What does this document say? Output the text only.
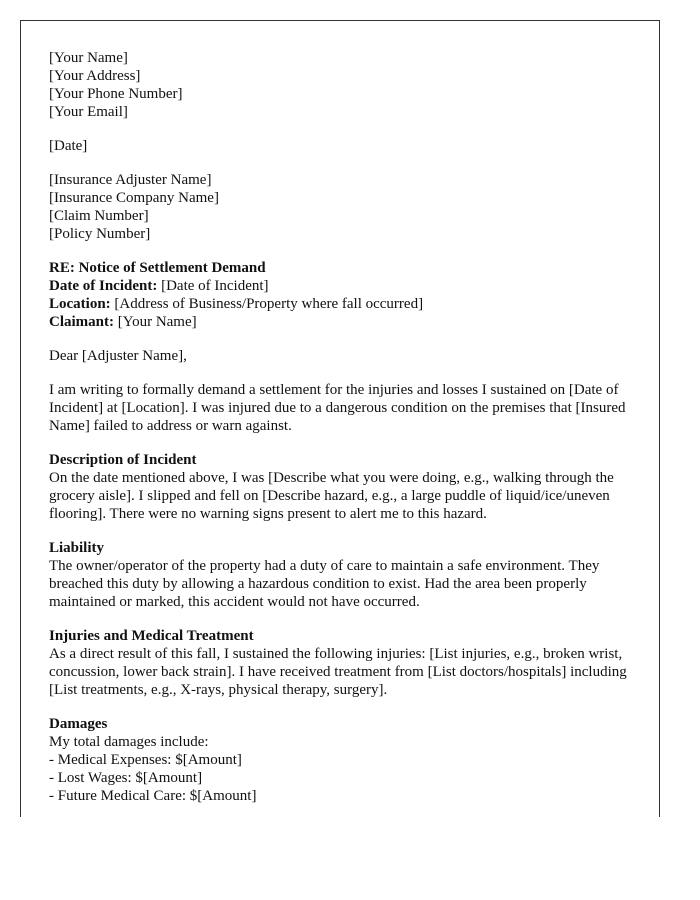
[Your Name]
[Your Address]
[Your Phone Number]
[Your Email]

[Date]

[Insurance Adjuster Name]
[Insurance Company Name]
[Claim Number]
[Policy Number]

RE: Notice of Settlement Demand
Date of Incident: [Date of Incident]
Location: [Address of Business/Property where fall occurred]
Claimant: [Your Name]

Dear [Adjuster Name],

I am writing to formally demand a settlement for the injuries and losses I sustained on [Date of Incident] at [Location]. I was injured due to a dangerous condition on the premises that [Insured Name] failed to address or warn against.

Description of Incident
On the date mentioned above, I was [Describe what you were doing, e.g., walking through the grocery aisle]. I slipped and fell on [Describe hazard, e.g., a large puddle of liquid/ice/uneven flooring]. There were no warning signs present to alert me to this hazard.

Liability
The owner/operator of the property had a duty of care to maintain a safe environment. They breached this duty by allowing a hazardous condition to exist. Had the area been properly maintained or marked, this accident would not have occurred.

Injuries and Medical Treatment
As a direct result of this fall, I sustained the following injuries: [List injuries, e.g., broken wrist, concussion, lower back strain]. I have received treatment from [List doctors/hospitals] including [List treatments, e.g., X-rays, physical therapy, surgery].

Damages
My total damages include:
- Medical Expenses: $[Amount]
- Lost Wages: $[Amount]
- Future Medical Care: $[Amount]
